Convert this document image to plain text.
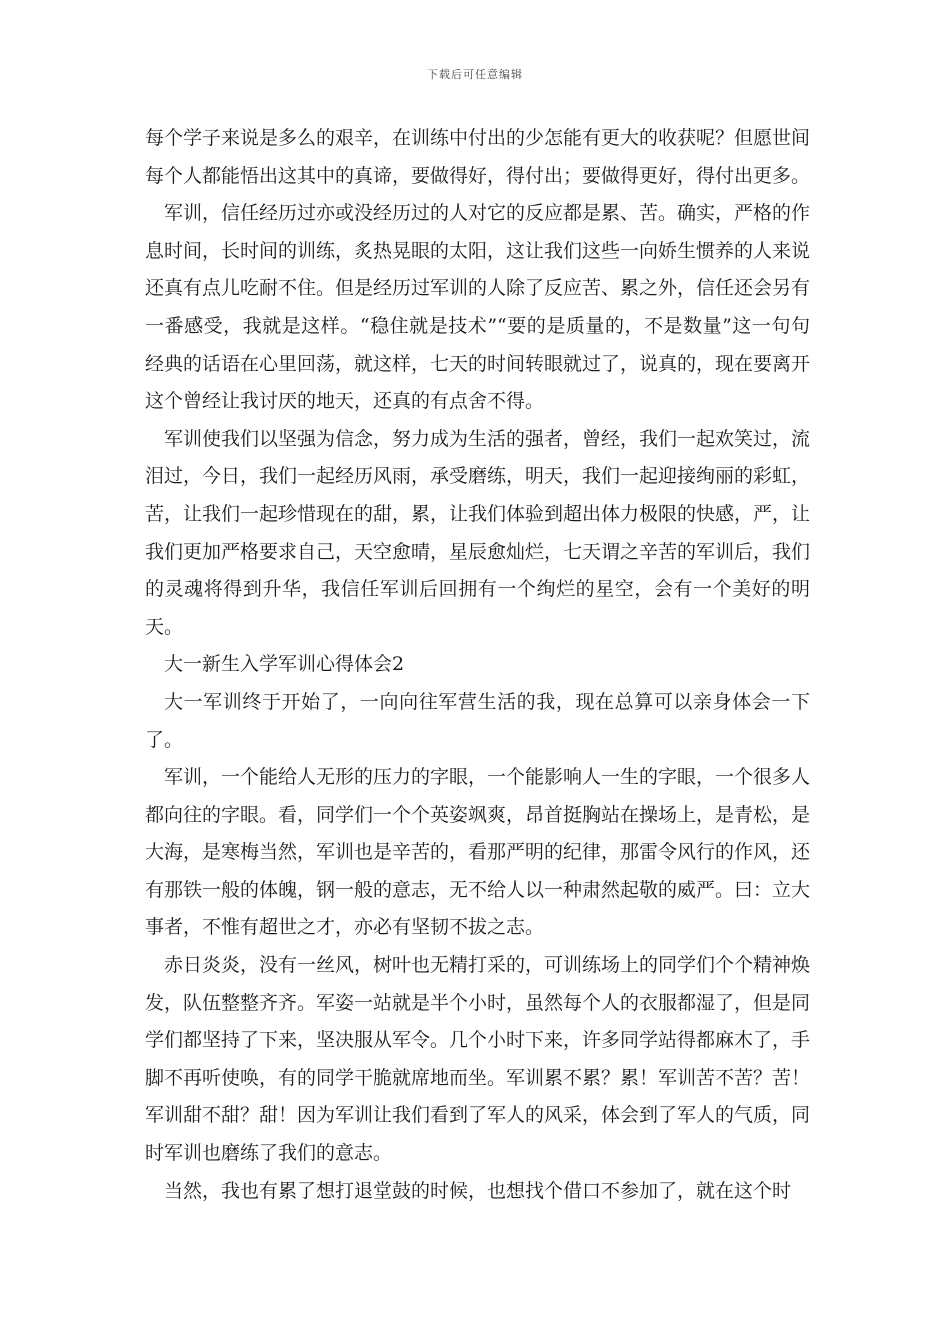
下载后可任意编辑

每个学子来说是多么的艰辛，在训练中付出的少怎能有更大的收获呢？但愿世间每个人都能悟出这其中的真谛，要做得好，得付出；要做得更好，得付出更多。

军训，信任经历过亦或没经历过的人对它的反应都是累、苦。确实，严格的作息时间，长时间的训练，炙热晃眼的太阳，这让我们这些一向娇生惯养的人来说还真有点儿吃耐不住。但是经历过军训的人除了反应苦、累之外，信任还会另有一番感受，我就是这样。“稳住就是技术”“要的是质量的，不是数量”这一句句经典的话语在心里回荡，就这样，七天的时间转眼就过了，说真的，现在要离开这个曾经让我讨厌的地天，还真的有点舍不得。

军训使我们以坚强为信念，努力成为生活的强者，曾经，我们一起欢笑过，流泪过，今日，我们一起经历风雨，承受磨练，明天，我们一起迎接绚丽的彩虹，苦，让我们一起珍惜现在的甜，累，让我们体验到超出体力极限的快感，严，让我们更加严格要求自己，天空愈晴，星辰愈灿烂，七天谓之辛苦的军训后，我们的灵魂将得到升华，我信任军训后回拥有一个绚烂的星空，会有一个美好的明天。

大一新生入学军训心得体会2

大一军训终于开始了，一向向往军营生活的我，现在总算可以亲身体会一下了。

军训，一个能给人无形的压力的字眼，一个能影响人一生的字眼，一个很多人都向往的字眼。看，同学们一个个英姿飒爽，昂首挺胸站在操场上，是青松，是大海，是寒梅当然，军训也是辛苦的，看那严明的纪律，那雷令风行的作风，还有那铁一般的体魄，钢一般的意志，无不给人以一种肃然起敬的威严。曰：立大事者，不惟有超世之才，亦必有坚韧不拔之志。

赤日炎炎，没有一丝风，树叶也无精打采的，可训练场上的同学们个个精神焕发，队伍整整齐齐。军姿一站就是半个小时，虽然每个人的衣服都湿了，但是同学们都坚持了下来，坚决服从军令。几个小时下来，许多同学站得都麻木了，手脚不再听使唤，有的同学干脆就席地而坐。军训累不累？累！军训苦不苦？苦！军训甜不甜？甜！因为军训让我们看到了军人的风采，体会到了军人的气质，同时军训也磨练了我们的意志。

当然，我也有累了想打退堂鼓的时候，也想找个借口不参加了，就在这个时
